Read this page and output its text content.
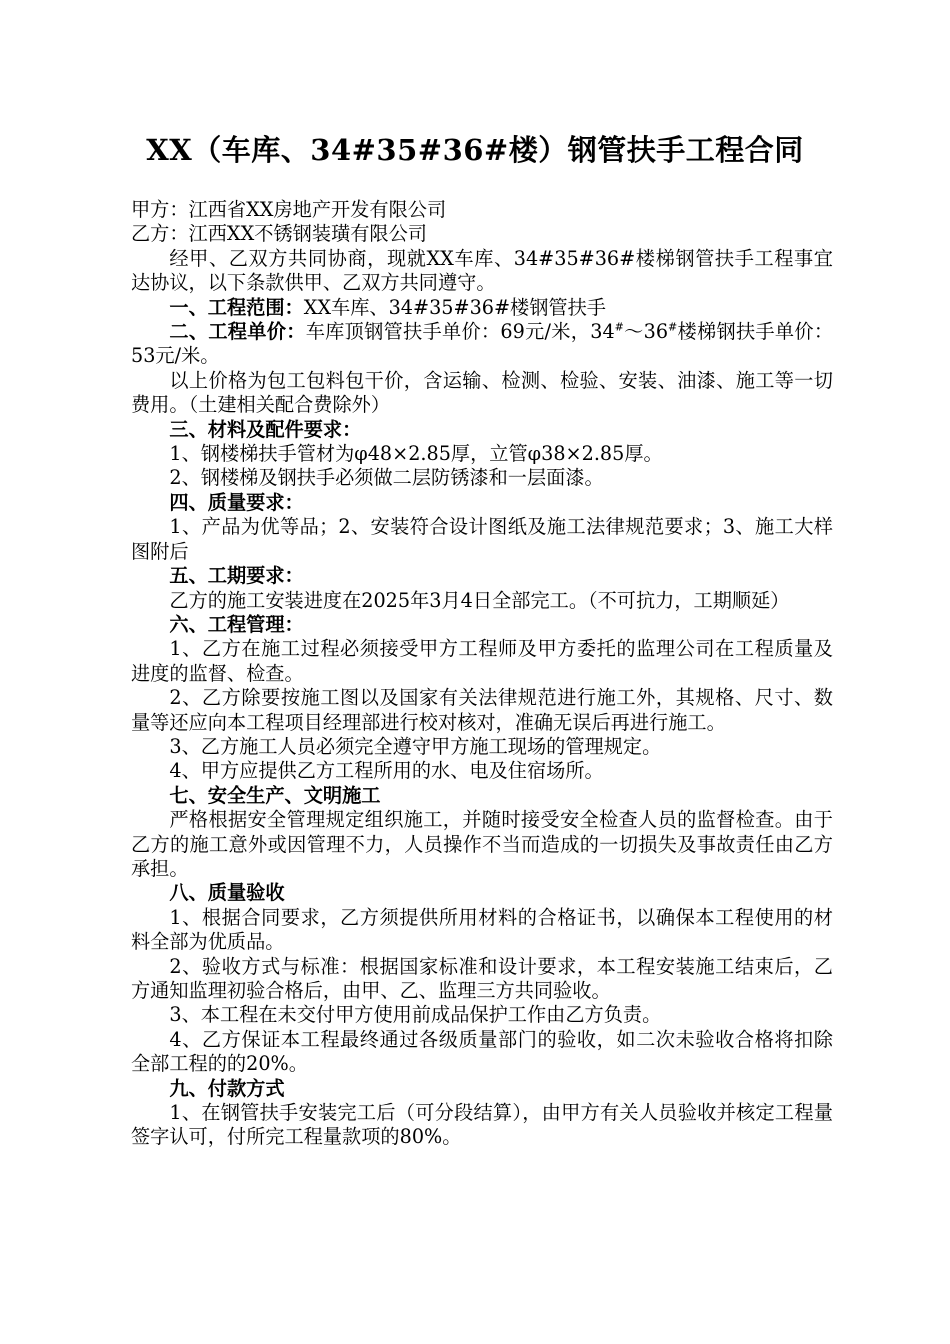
XX（车库、34#35#36#楼）钢管扶手工程合同

甲方：江西省XX房地产开发有限公司

乙方：江西XX不锈钢装璜有限公司

经甲、乙双方共同协商，现就XX车库、34#35#36#楼梯钢管扶手工程事宜达协议，以下条款供甲、乙双方共同遵守。

一、工程范围：XX车库、34#35#36#楼钢管扶手

二、工程单价：车库顶钢管扶手单价：69元/米，34#～36#楼梯钢扶手单价：53元/米。

以上价格为包工包料包干价，含运输、检测、检验、安装、油漆、施工等一切费用。（土建相关配合费除外）

三、材料及配件要求：

1、钢楼梯扶手管材为φ48×2.85厚，立管φ38×2.85厚。

2、钢楼梯及钢扶手必须做二层防锈漆和一层面漆。

四、质量要求：

1、产品为优等品；2、安装符合设计图纸及施工法律规范要求；3、施工大样图附后

五、工期要求：

乙方的施工安装进度在2025年3月4日全部完工。（不可抗力，工期顺延）

六、工程管理：

1、乙方在施工过程必须接受甲方工程师及甲方委托的监理公司在工程质量及进度的监督、检查。

2、乙方除要按施工图以及国家有关法律规范进行施工外，其规格、尺寸、数量等还应向本工程项目经理部进行校对核对，准确无误后再进行施工。

3、乙方施工人员必须完全遵守甲方施工现场的管理规定。

4、甲方应提供乙方工程所用的水、电及住宿场所。

七、安全生产、文明施工

严格根据安全管理规定组织施工，并随时接受安全检查人员的监督检查。由于乙方的施工意外或因管理不力，人员操作不当而造成的一切损失及事故责任由乙方承担。

八、质量验收

1、根据合同要求，乙方须提供所用材料的合格证书，以确保本工程使用的材料全部为优质品。

2、验收方式与标准：根据国家标准和设计要求，本工程安装施工结束后，乙方通知监理初验合格后，由甲、乙、监理三方共同验收。

3、本工程在未交付甲方使用前成品保护工作由乙方负责。

4、乙方保证本工程最终通过各级质量部门的验收，如二次未验收合格将扣除全部工程的的20%。

九、付款方式

1、在钢管扶手安装完工后（可分段结算），由甲方有关人员验收并核定工程量签字认可，付所完工程量款项的80%。
